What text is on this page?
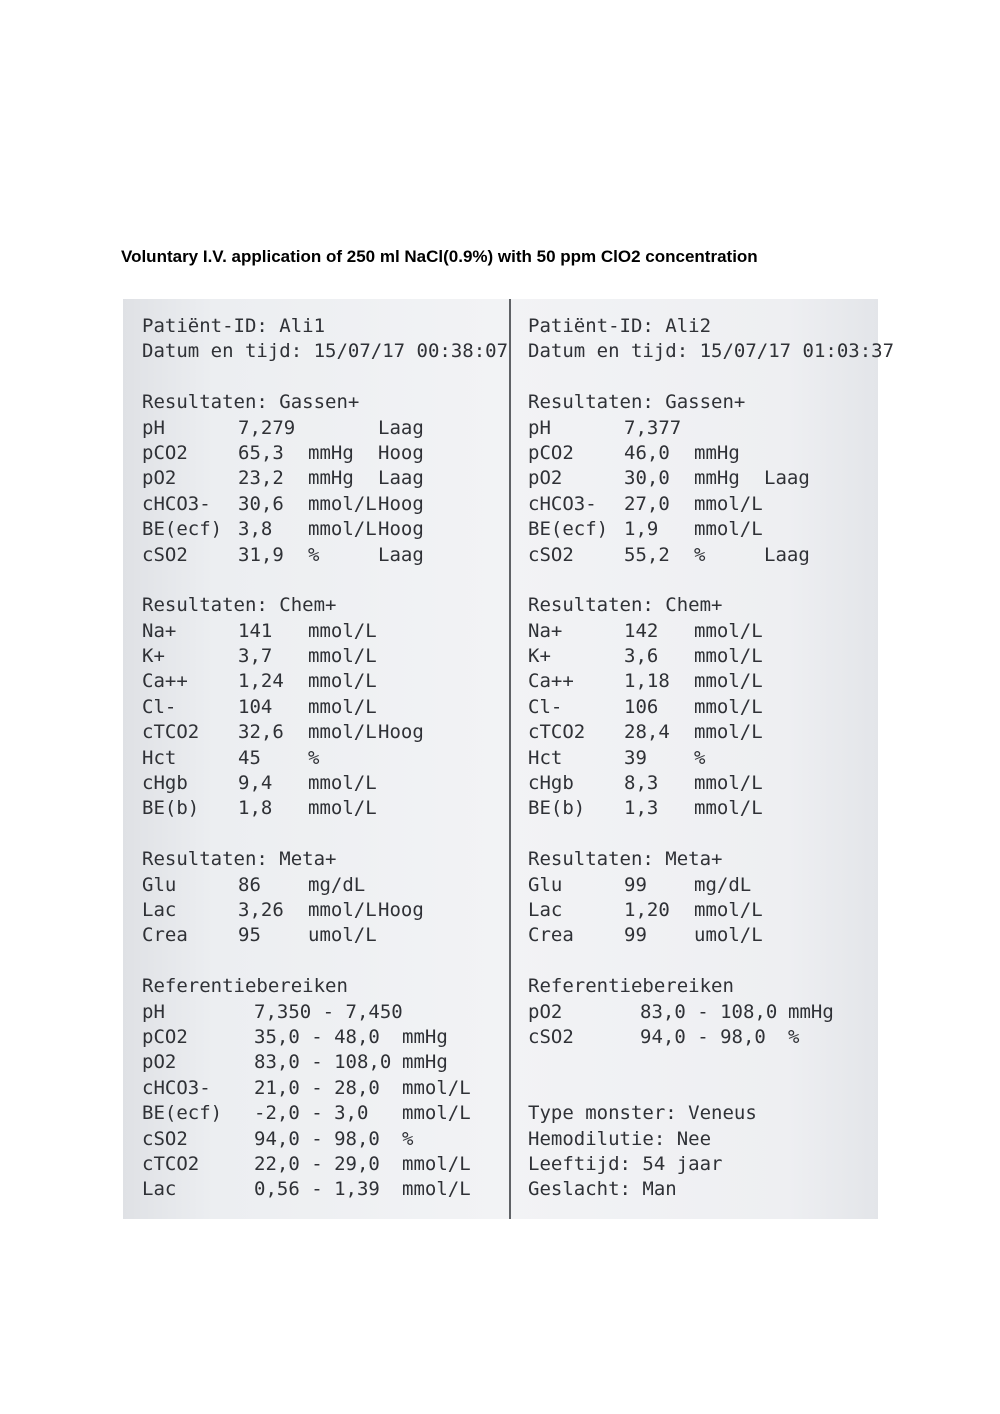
Voluntary I.V. application of 250 ml NaCl(0.9%) with 50 ppm ClO2 concentration
Patiënt-ID: Ali1
Datum en tijd: 15/07/17 00:38:07
Resultaten: Gassen+
pH	7,279	Laag
pCO2	65,3 mmHg Hoog
pO2	23,2 mmHg Laag
cHCO3- 30,6 mmol/L Hoog
BE(ecf) 3,8 mmol/L Hoog
cSO2	31,9 %	Laag
Resultaten: Chem+
Na+	141 mmol/L
K+	3,7 mmol/L
Ca++	1,24 mmol/L
Cl-	104 mmol/L
cTCO2 32,6 mmol/L Hoog
Hct	45 %
cHgb	9,4 mmol/L
BE(b) 1,8 mmol/L
Resultaten: Meta+
Glu	86 mg/dL
Lac	3,26 mmol/L Hoog
Crea	95 umol/L
Referentiebereiken
pH	7,350 - 7,450
pCO2	35,0 - 48,0 mmHg
pO2	83,0 - 108,0 mmHg
cHCO3- 21,0 - 28,0 mmol/L
BE(ecf) -2,0 - 3,0 mmol/L
cSO2	94,0 - 98,0 %
cTCO2	22,0 - 29,0 mmol/L
Lac	0,56 - 1,39 mmol/L
Patiënt-ID: Ali2
Datum en tijd: 15/07/17 01:03:37
Resultaten: Gassen+
pH	7,377
pCO2	46,0 mmHg
pO2	30,0 mmHg Laag
cHCO3- 27,0 mmol/L
BE(ecf) 1,9 mmol/L
cSO2	55,2 %	Laag
Resultaten: Chem+
Na+	142 mmol/L
K+	3,6 mmol/L
Ca++	1,18 mmol/L
Cl-	106 mmol/L
cTCO2 28,4 mmol/L
Hct	39 %
cHgb	8,3 mmol/L
BE(b) 1,3 mmol/L
Resultaten: Meta+
Glu	99 mg/dL
Lac	1,20 mmol/L
Crea	99 umol/L
Referentiebereiken
pO2	83,0 - 108,0 mmHg
cSO2	94,0 - 98,0 %
Type monster: Veneus
Hemodilutie: Nee
Leeftijd: 54 jaar
Geslacht: Man
